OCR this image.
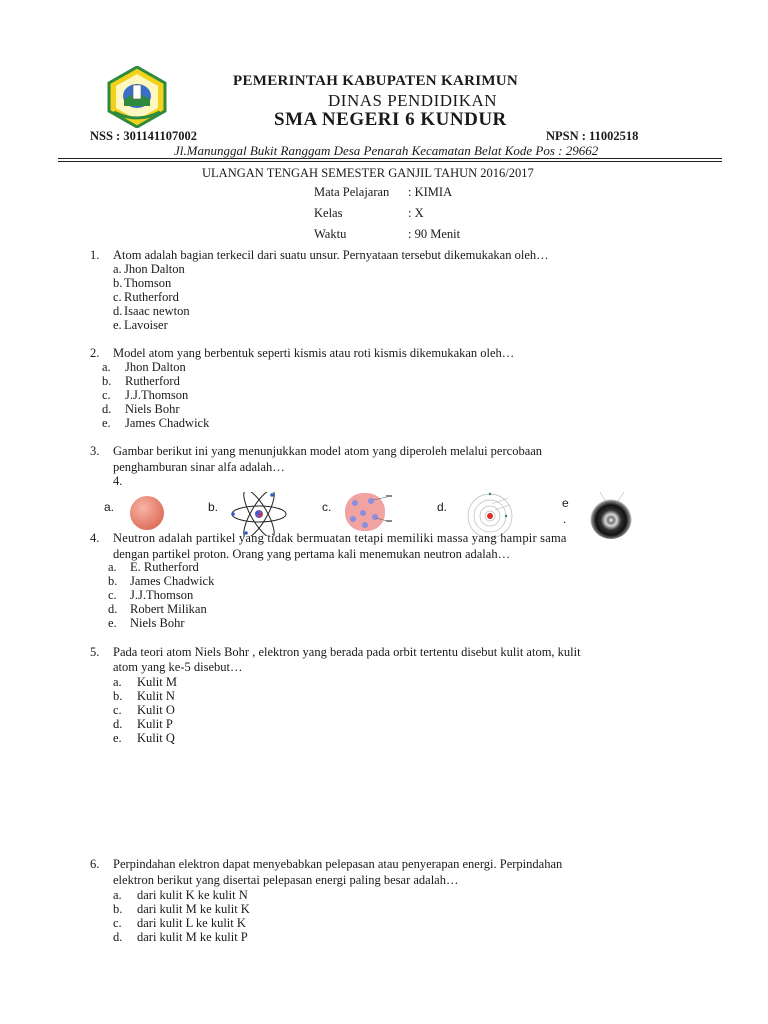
PEMERINTAH KABUPATEN KARIMUN
DINAS PENDIDIKAN
SMA NEGERI 6 KUNDUR
NSS : 301141107002	NPSN : 11002518
Jl.Manunggal Bukit Ranggam Desa Penarah Kecamatan Belat Kode Pos : 29662
ULANGAN TENGAH SEMESTER GANJIL TAHUN 2016/2017
Mata Pelajaran : KIMIA
Kelas	: X
Waktu	: 90 Menit
1. Atom adalah bagian terkecil dari suatu unsur. Pernyataan tersebut dikemukakan oleh…
a. Jhon Dalton
b. Thomson
c. Rutherford
d. Isaac newton
e. Lavoiser
2. Model atom yang berbentuk seperti kismis atau roti kismis dikemukakan oleh…
a. Jhon Dalton
b. Rutherford
c. J.J.Thomson
d. Niels Bohr
e. James Chadwick
3. Gambar berikut ini yang menunjukkan model atom yang diperoleh melalui percobaan
penghamburan sinar alfa adalah…
4.
a.	b.	c.	d.	e
.
4. Neutron adalah partikel yang tidak bermuatan tetapi memiliki massa yang hampir sama
dengan partikel proton. Orang yang pertama kali menemukan neutron adalah…
a. E. Rutherford
b. James Chadwick
c. J.J.Thomson
d. Robert Milikan
e. Niels Bohr
5. Pada teori atom Niels Bohr , elektron yang berada pada orbit tertentu disebut kulit atom, kulit
atom yang ke-5 disebut…
a. Kulit M
b. Kulit N
c. Kulit O
d. Kulit P
e. Kulit Q
6. Perpindahan elektron dapat menyebabkan pelepasan atau penyerapan energi. Perpindahan
elektron berikut yang disertai pelepasan energi paling besar adalah…
a. dari kulit K ke kulit N
b. dari kulit M ke kulit K
c. dari kulit L ke kulit K
d. dari kulit M ke kulit P
